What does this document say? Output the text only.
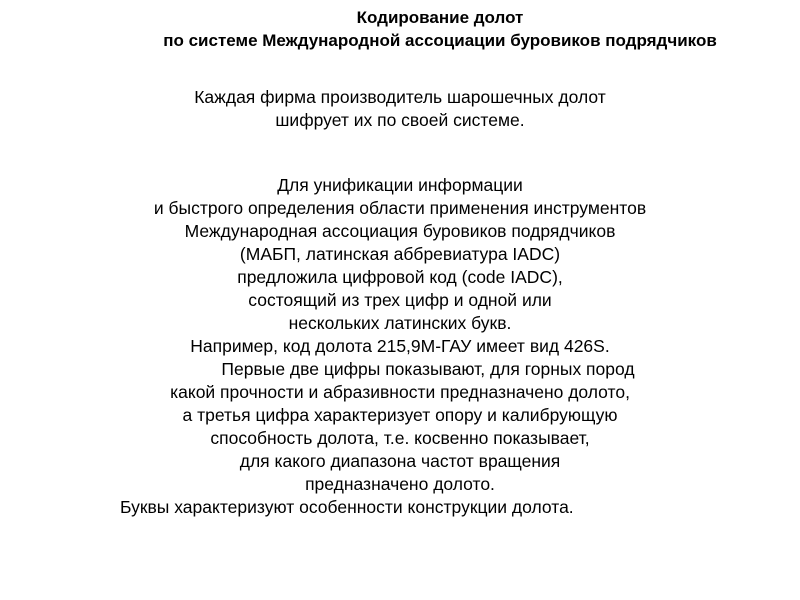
Кодирование долот
по системе Международной ассоциации буровиков подрядчиков
Каждая фирма производитель шарошечных долот
шифрует их по своей системе.
Для унификации информации
и быстрого определения области применения инструментов
Международная ассоциация буровиков подрядчиков
(МАБП, латинская аббревиатура IADC)
предложила цифровой код (code IADC),
состоящий из трех цифр и одной или
нескольких латинских букв.
Например, код долота 215,9М-ГАУ имеет вид 426S.
Первые две цифры показывают, для горных пород
какой прочности и абразивности предназначено долото,
а третья цифра характеризует опору и калибрующую
способность долота, т.е. косвенно показывает,
для какого диапазона частот вращения
предназначено долото.
Буквы характеризуют особенности конструкции долота.
